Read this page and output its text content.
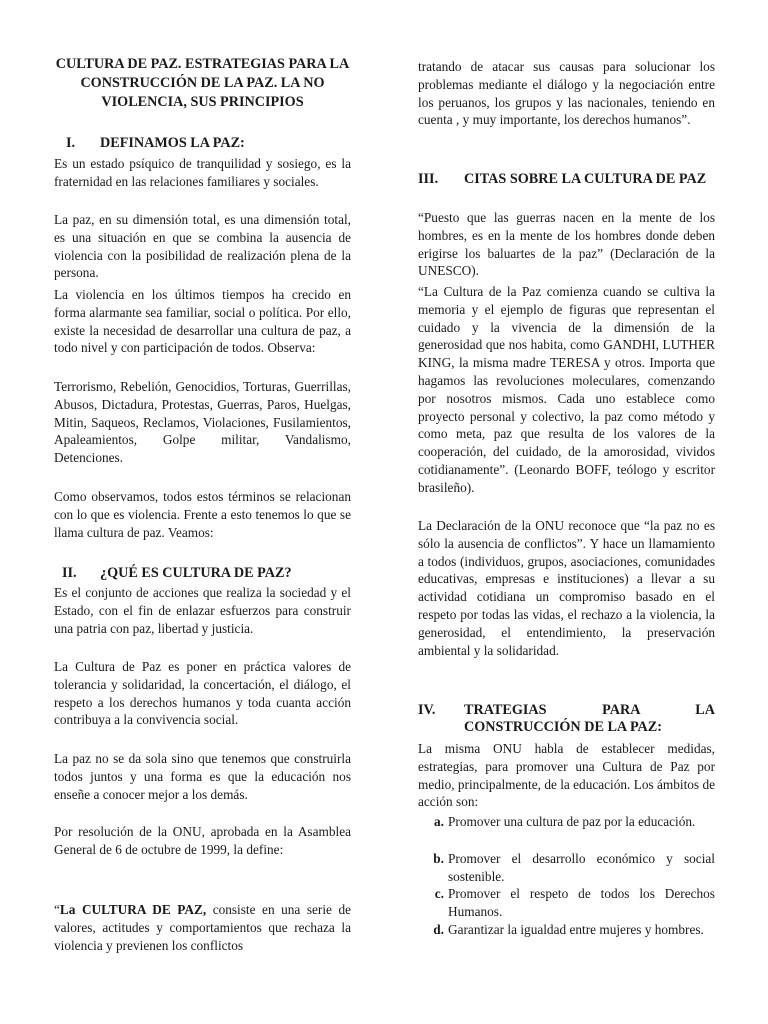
CULTURA DE PAZ. ESTRATEGIAS PARA LA CONSTRUCCIÓN DE LA PAZ. LA NO VIOLENCIA, SUS PRINCIPIOS
I.	DEFINAMOS LA PAZ:

Es un estado psíquico de tranquilidad y sosiego, es la fraternidad en las relaciones familiares y sociales.

La paz, en su dimensión total, es una dimensión total, es una situación en que se combina la ausencia de violencia con la posibilidad de realización plena de la persona.

La violencia en los últimos tiempos ha crecido en forma alarmante sea familiar, social o política. Por ello, existe la necesidad de desarrollar una cultura de paz, a todo nivel y con participación de todos. Observa:

Terrorismo, Rebelión, Genocidios, Torturas, Guerrillas, Abusos, Dictadura, Protestas, Guerras, Paros, Huelgas, Mitin, Saqueos, Reclamos, Violaciones, Fusilamientos, Apaleamientos, Golpe militar, Vandalismo, Detenciones.

Como observamos, todos estos términos se relacionan con lo que es violencia. Frente a esto tenemos lo que se llama cultura de paz. Veamos:

II.	¿QUÉ ES CULTURA DE PAZ?

Es el conjunto de acciones que realiza la sociedad y el Estado, con el fin de enlazar esfuerzos para construir una patria con paz, libertad y justicia.

La Cultura de Paz es poner en práctica valores de tolerancia y solidaridad, la concertación, el diálogo, el respeto a los derechos humanos y toda cuanta acción contribuya a la convivencia social.

La paz no se da sola sino que tenemos que construirla todos juntos y una forma es que la educación nos enseñe a conocer mejor a los demás.

Por resolución de la ONU, aprobada en la Asamblea General de 6 de octubre de 1999, la define:

“La CULTURA DE PAZ, consiste en una serie de valores, actitudes y comportamientos que rechaza la violencia y previenen los conflictos

tratando de atacar sus causas para solucionar los problemas mediante el diálogo y la negociación entre los peruanos, los grupos y las nacionales, teniendo en cuenta , y muy importante, los derechos humanos”.

III.	CITAS SOBRE LA CULTURA DE PAZ

“Puesto que las guerras nacen en la mente de los hombres, es en la mente de los hombres donde deben erigirse los baluartes de la paz” (Declaración de la UNESCO).

“La Cultura de la Paz comienza cuando se cultiva la memoria y el ejemplo de figuras que representan el cuidado y la vivencia de la dimensión de la generosidad que nos habita, como GANDHI, LUTHER KING, la misma madre TERESA y otros. Importa que hagamos las revoluciones moleculares, comenzando por nosotros mismos. Cada uno establece como proyecto personal y colectivo, la paz como método y como meta, paz que resulta de los valores de la cooperación, del cuidado, de la amorosidad, vividos cotidianamente”. (Leonardo BOFF, teólogo y escritor brasileño).

La Declaración de la ONU reconoce que “la paz no es sólo la ausencia de conflictos”. Y hace un llamamiento a todos (individuos, grupos, asociaciones, comunidades educativas, empresas e instituciones) a llevar a su actividad cotidiana un compromiso basado en el respeto por todas las vidas, el rechazo a la violencia, la generosidad, el entendimiento, la preservación ambiental y la solidaridad.

IV.	TRATEGIAS PARA LA
CONSTRUCCIÓN DE LA PAZ:

La misma ONU habla de establecer medidas, estrategias, para promover una Cultura de Paz por medio, principalmente, de la educación. Los ámbitos de acción son:

a. Promover una cultura de paz por la educación.
b. Promover el desarrollo económico y social sostenible.
c. Promover el respeto de todos los Derechos Humanos.
d. Garantizar la igualdad entre mujeres y hombres.
